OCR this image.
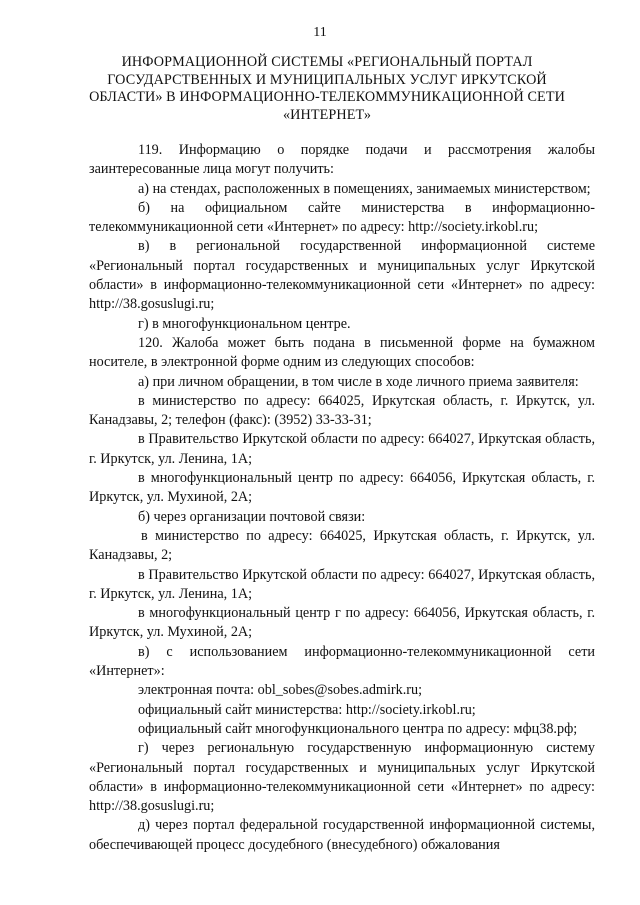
11
ИНФОРМАЦИОННОЙ СИСТЕМЫ «РЕГИОНАЛЬНЫЙ ПОРТАЛ
ГОСУДАРСТВЕННЫХ И МУНИЦИПАЛЬНЫХ УСЛУГ ИРКУТСКОЙ
ОБЛАСТИ» В ИНФОРМАЦИОННО-ТЕЛЕКОММУНИКАЦИОННОЙ СЕТИ
«ИНТЕРНЕТ»
119. Информацию о порядке подачи и рассмотрения жалобы заинтересованные лица могут получить:
а) на стендах, расположенных в помещениях, занимаемых министерством;
б) на официальном сайте министерства в информационно-телекоммуникационной сети «Интернет» по адресу: http://society.irkobl.ru;
в) в региональной государственной информационной системе «Региональный портал государственных и муниципальных услуг Иркутской области» в информационно-телекоммуникационной сети «Интернет» по адресу: http://38.gosuslugi.ru;
г) в многофункциональном центре.
120. Жалоба может быть подана в письменной форме на бумажном носителе, в электронной форме одним из следующих способов:
а) при личном обращении, в том числе в ходе личного приема заявителя:
в министерство по адресу: 664025, Иркутская область, г. Иркутск, ул. Канадзавы, 2; телефон (факс): (3952) 33-33-31;
в Правительство Иркутской области по адресу: 664027, Иркутская область, г. Иркутск, ул. Ленина, 1А;
в многофункциональный центр по адресу: 664056, Иркутская область, г. Иркутск, ул. Мухиной, 2А;
б) через организации почтовой связи:
в министерство по адресу: 664025, Иркутская область, г. Иркутск, ул. Канадзавы, 2;
в Правительство Иркутской области по адресу: 664027, Иркутская область, г. Иркутск, ул. Ленина, 1А;
в многофункциональный центр г по адресу: 664056, Иркутская область, г. Иркутск, ул. Мухиной, 2А;
в) с использованием информационно-телекоммуникационной сети «Интернет»:
электронная почта: obl_sobes@sobes.admirk.ru;
официальный сайт министерства: http://society.irkobl.ru;
официальный сайт многофункционального центра по адресу: мфц38.рф;
г) через региональную государственную информационную систему «Региональный портал государственных и муниципальных услуг Иркутской области» в информационно-телекоммуникационной сети «Интернет» по адресу: http://38.gosuslugi.ru;
д) через портал федеральной государственной информационной системы, обеспечивающей процесс досудебного (внесудебного) обжалования
